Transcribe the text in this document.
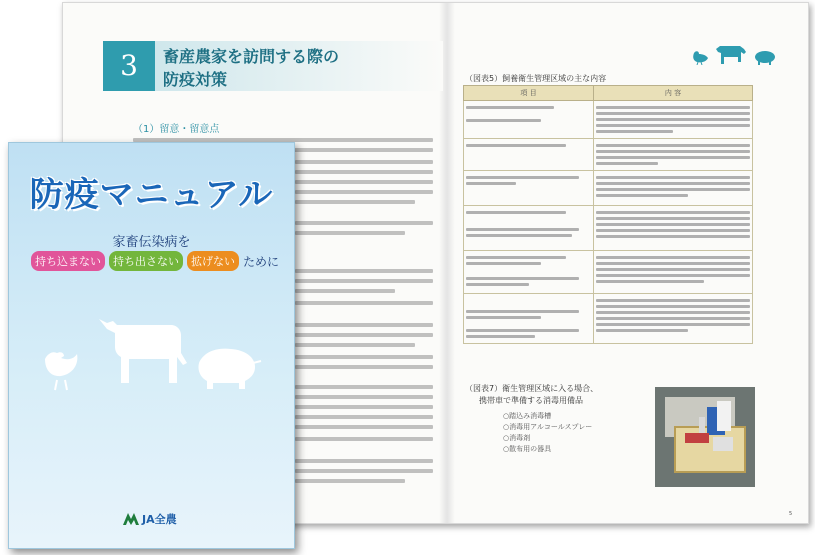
3	畜産農家を訪問する際の
防疫対策
（1）留意・留意点
（図表5）飼養衛生管理区域の主な内容
項 目	内 容

（図表7）衛生管理区域に入る場合、
携帯車で準備する消毒用備品
○踏込み消毒槽
○消毒用アルコールスプレー
○消毒剤
○散布用の器具
5
防疫マニュアル
家畜伝染病を
持ち込まない	持ち出さない	拡げない ために
JA全農
